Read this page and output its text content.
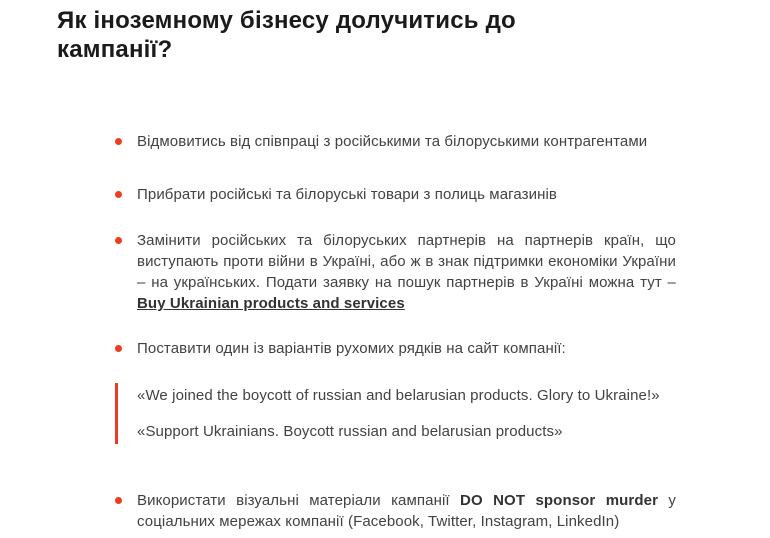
Як іноземному бізнесу долучитись до кампанії?

Відмовитись від співпраці з російськими та білоруськими контрагентами

Прибрати російські та білоруські товари з полиць магазинів

Замінити російських та білоруських партнерів на партнерів країн, що виступають проти війни в Україні, або ж в знак підтримки економіки України – на українських. Подати заявку на пошук партнерів в Україні можна тут – Buy Ukrainian products and services

Поставити один із варіантів рухомих рядків на сайт компанії:

«We joined the boycott of russian and belarusian products. Glory to Ukraine!»

«Support Ukrainians. Boycott russian and belarusian products»

Використати візуальні матеріали кампанії DO NOT sponsor murder у соціальних мережах компанії (Facebook, Twitter, Instagram, LinkedIn)
